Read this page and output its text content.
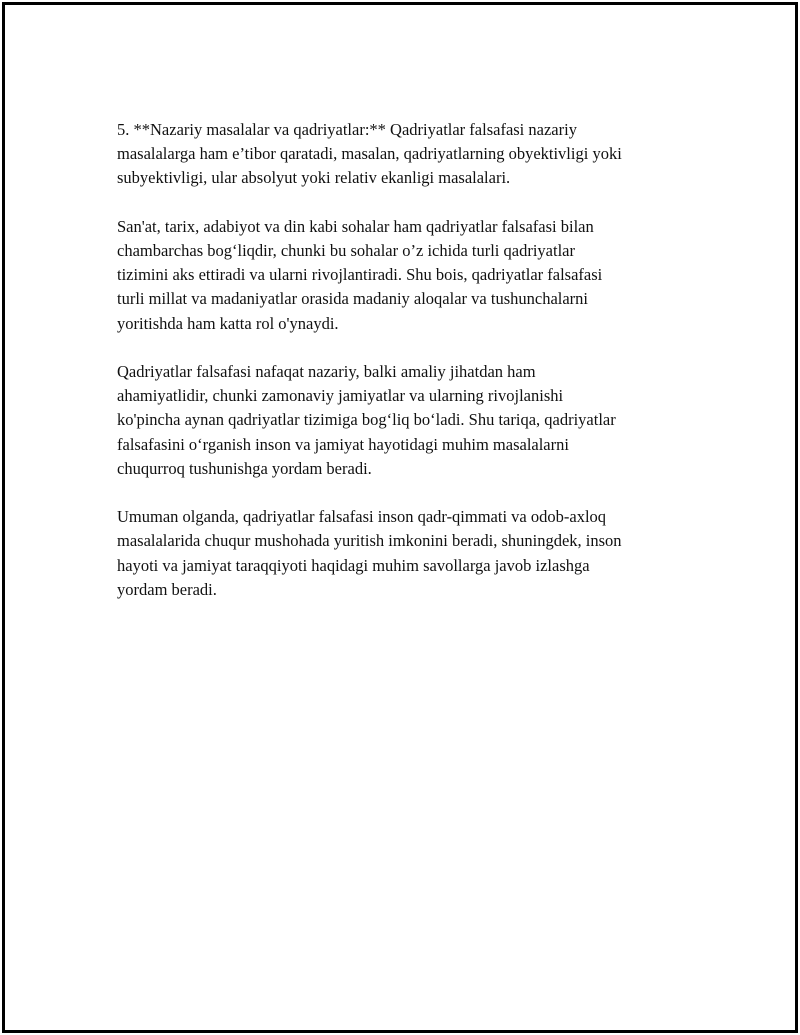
5. **Nazariy masalalar va qadriyatlar:** Qadriyatlar falsafasi nazariy
masalalarga ham e’tibor qaratadi, masalan, qadriyatlarning obyektivligi yoki
subyektivligi, ular absolyut yoki relativ ekanligi masalalari.

San'at, tarix, adabiyot va din kabi sohalar ham qadriyatlar falsafasi bilan
chambarchas bog‘liqdir, chunki bu sohalar o’z ichida turli qadriyatlar
tizimini aks ettiradi va ularni rivojlantiradi. Shu bois, qadriyatlar falsafasi
turli millat va madaniyatlar orasida madaniy aloqalar va tushunchalarni
yoritishda ham katta rol o'ynaydi.

Qadriyatlar falsafasi nafaqat nazariy, balki amaliy jihatdan ham
ahamiyatlidir, chunki zamonaviy jamiyatlar va ularning rivojlanishi
ko'pincha aynan qadriyatlar tizimiga bog‘liq bo‘ladi. Shu tariqa, qadriyatlar
falsafasini o‘rganish inson va jamiyat hayotidagi muhim masalalarni
chuqurroq tushunishga yordam beradi.

Umuman olganda, qadriyatlar falsafasi inson qadr-qimmati va odob-axloq
masalalarida chuqur mushohada yuritish imkonini beradi, shuningdek, inson
hayoti va jamiyat taraqqiyoti haqidagi muhim savollarga javob izlashga
yordam beradi.
